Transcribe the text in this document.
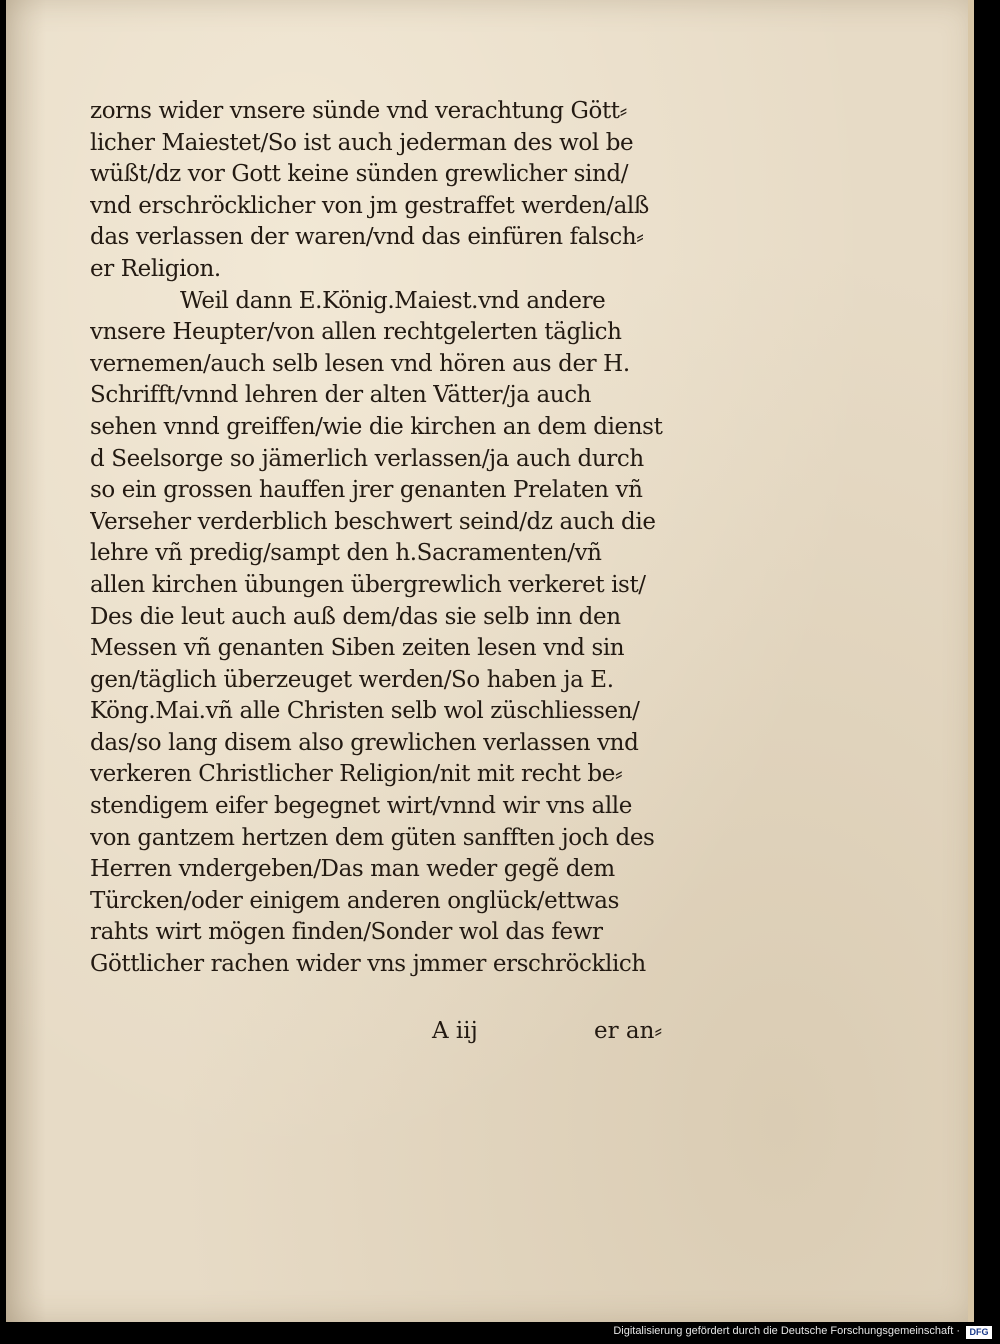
zorns wider vnsere sünde vnd verachtung Gött⸗
licher Maiestet/So ist auch jederman des wol be
wüßt/dz vor Gott keine sünden grewlicher sind/
vnd erschröcklicher von jm gestraffet werden/alß
das verlassen der waren/vnd das einfüren falsch⸗
er Religion.
Weil dann E.König.Maiest.vnd andere
vnsere Heupter/von allen rechtgelerten täglich
vernemen/auch selb lesen vnd hören aus der H.
Schrifft/vnnd lehren der alten Vätter/ja auch
sehen vnnd greiffen/wie die kirchen an dem dienst
d Seelsorge so jämerlich verlassen/ja auch durch
so ein grossen hauffen jrer genanten Prelaten vñ
Verseher verderblich beschwert seind/dz auch die
lehre vñ predig/sampt den h.Sacramenten/vñ
allen kirchen übungen übergrewlich verkeret ist/
Des die leut auch auß dem/das sie selb inn den
Messen vñ genanten Siben zeiten lesen vnd sin
gen/täglich überzeuget werden/So haben ja E.
Köng.Mai.vñ alle Christen selb wol züschliessen/
das/so lang disem also grewlichen verlassen vnd
verkeren Christlicher Religion/nit mit recht be⸗
stendigem eifer begegnet wirt/vnnd wir vns alle
von gantzem hertzen dem güten sanfften joch des
Herren vndergeben/Das man weder gegẽ dem
Türcken/oder einigem anderen onglück/ettwas
rahts wirt mögen finden/Sonder wol das fewr
Göttlicher rachen wider vns jmmer erschröcklich
A iij	er an⸗
Digitalisierung gefördert durch die Deutsche Forschungsgemeinschaft ·	DFG
